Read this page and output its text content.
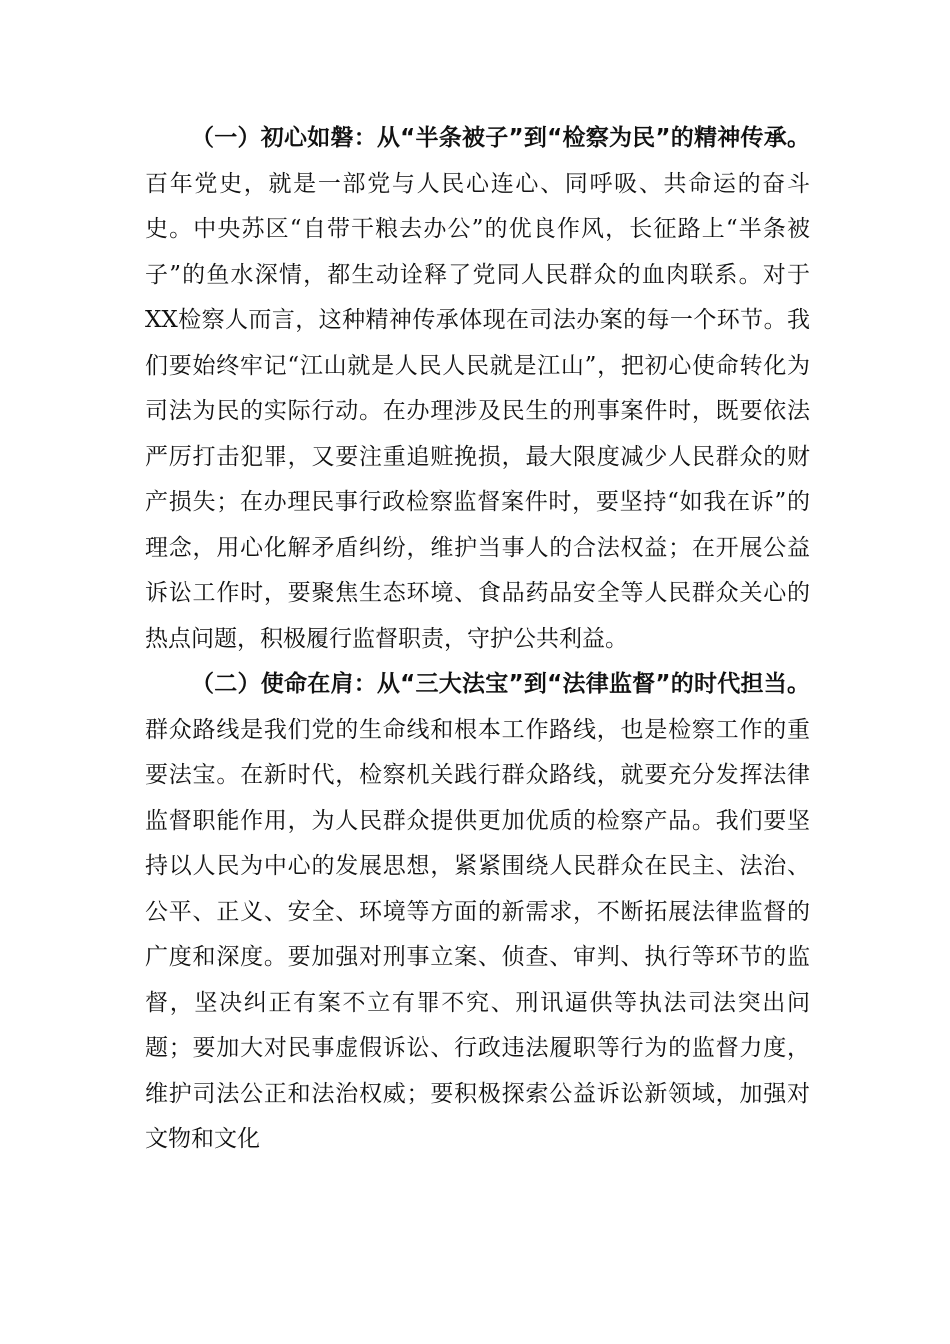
（一）初心如磐：从“半条被子”到“检察为民”的精神传承。百年党史，就是一部党与人民心连心、同呼吸、共命运的奋斗史。中央苏区“自带干粮去办公”的优良作风，长征路上“半条被子”的鱼水深情，都生动诠释了党同人民群众的血肉联系。对于XX检察人而言，这种精神传承体现在司法办案的每一个环节。我们要始终牢记“江山就是人民人民就是江山”，把初心使命转化为司法为民的实际行动。在办理涉及民生的刑事案件时，既要依法严厉打击犯罪，又要注重追赃挽损，最大限度减少人民群众的财产损失；在办理民事行政检察监督案件时，要坚持“如我在诉”的理念，用心化解矛盾纠纷，维护当事人的合法权益；在开展公益诉讼工作时，要聚焦生态环境、食品药品安全等人民群众关心的热点问题，积极履行监督职责，守护公共利益。

（二）使命在肩：从“三大法宝”到“法律监督”的时代担当。群众路线是我们党的生命线和根本工作路线，也是检察工作的重要法宝。在新时代，检察机关践行群众路线，就要充分发挥法律监督职能作用，为人民群众提供更加优质的检察产品。我们要坚持以人民为中心的发展思想，紧紧围绕人民群众在民主、法治、公平、正义、安全、环境等方面的新需求，不断拓展法律监督的广度和深度。要加强对刑事立案、侦查、审判、执行等环节的监督，坚决纠正有案不立有罪不究、刑讯逼供等执法司法突出问题；要加大对民事虚假诉讼、行政违法履职等行为的监督力度，维护司法公正和法治权威；要积极探索公益诉讼新领域，加强对文物和文化
